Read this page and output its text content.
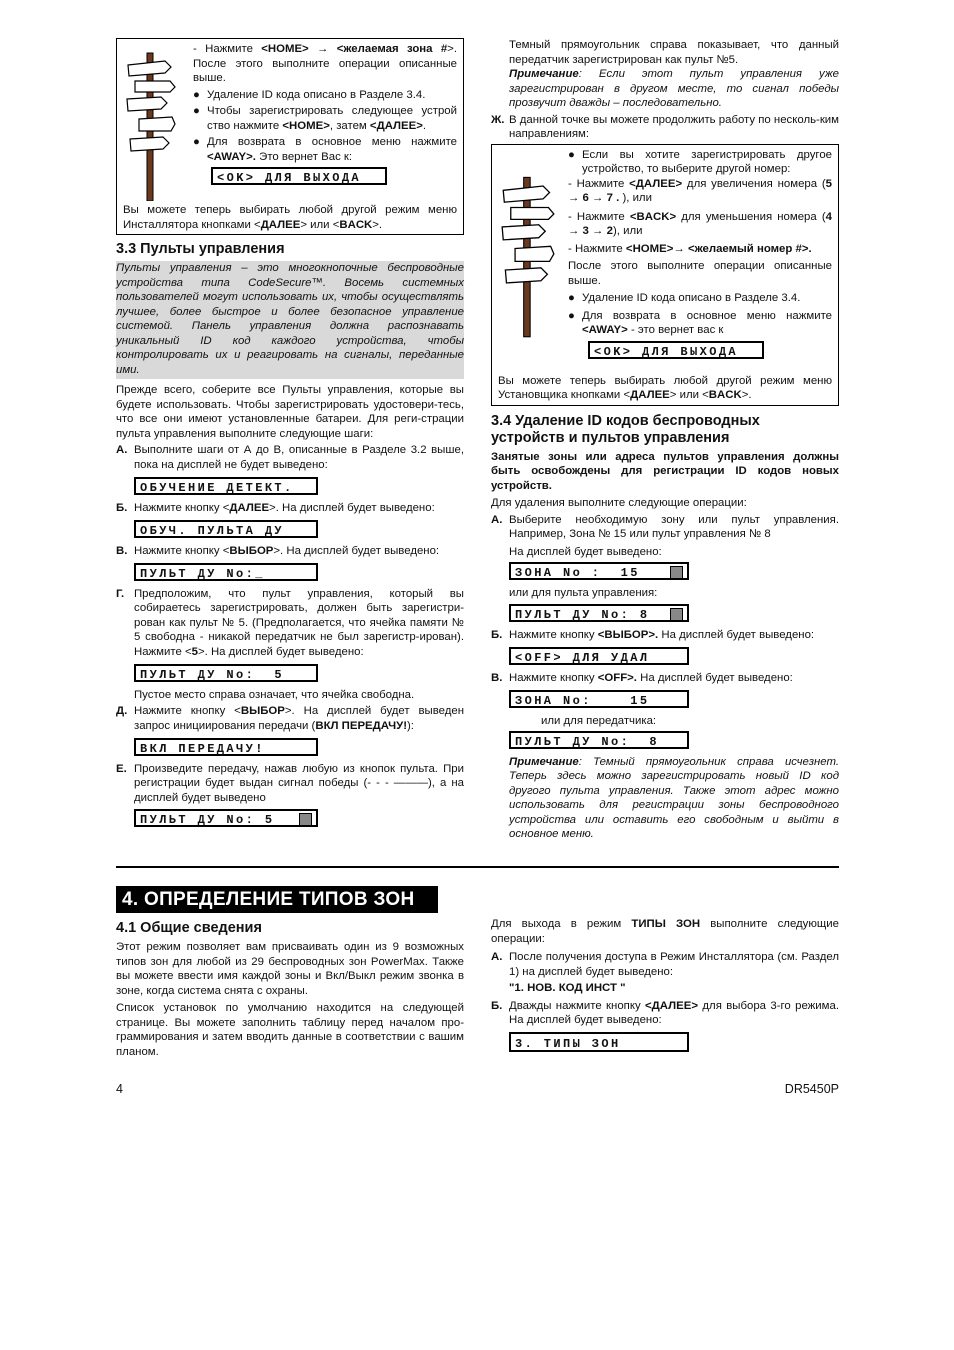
- Нажмите <HOME> → <желаемая зона #>. После этого выполните операции описанные выше.

● Удаление ID кода описано в Разделе 3.4.
● Чтобы зарегистрировать следующее устрой ство нажмите <HOME>, затем <ДАЛЕЕ>.
● Для возврата в основное меню нажмите <AWAY>. Это вернет Вас к:
<OK> ДЛЯ ВЫХОДА

Вы можете теперь выбирать любой другой режим меню Инсталлятора кнопками <ДАЛЕЕ> или <BACK>.

3.3 Пульты управления

Пульты управления – это многокнопочные беспроводные устройства типа CodeSecure™. Восемь системных пользователей могут использовать их, чтобы осуществлять лучшее, более быстрое и более безопасное управление системой. Панель управления должна распознавать уникальный ID код каждого устройства, чтобы контролировать их и реагировать на сигналы, переданные ими.

Прежде всего, соберите все Пульты управления, которые вы будете использовать. Чтобы зарегистрировать удостовери-тесь, что все они имеют установленные батареи. Для реги-страции пульта управления выполните следующие шаги:

А. Выполните шаги от А до В, описанные в Разделе 3.2 выше, пока на дисплей не будет выведено:
ОБУЧЕНИЕ ДЕТЕКТ.
Б. Нажмите кнопку <ДАЛЕЕ>. На дисплей будет выведено:
ОБУЧ. ПУЛЬТА ДУ
В. Нажмите кнопку <ВЫБОР>. На дисплей будет выведено:
ПУЛЬТ ДУ No:_
Г. Предположим, что пульт управления, который вы собираетесь зарегистрировать, должен быть зарегистри-рован как пульт № 5. (Предполагается, что ячейка памяти № 5 свободна - никакой передатчик не был зарегистр-ирован). Нажмите <5>. На дисплей будет выведено:
ПУЛЬТ ДУ No:  5

Пустое место справа означает, что ячейка свободна.

Д. Нажмите кнопку <ВЫБОР>. На дисплей будет выведен запрос инициирования передачи (ВКЛ ПЕРЕДАЧУ!):
ВКЛ ПЕРЕДАЧУ!
Е. Произведите передачу, нажав любую из кнопок пульта. При регистрации будет выдан сигнал победы (- - - ———), а на дисплей будет выведено
ПУЛЬТ ДУ No: 5

Темный прямоугольник справа показывает, что данный передатчик зарегистрирован как пульт №5.

Примечание: Если этот пульт управления уже зарегистрирован в другом месте, то сигнал победы прозвучит дважды – последовательно.

Ж. В данной точке вы можете продолжить работу по несколь-ким направлениям:
● Если вы хотите зарегистрировать другое устройство, то выберите другой номер:

- Нажмите <ДАЛЕЕ> для увеличения номера (5 → 6 → 7 . ), или

- Нажмите <BACK> для уменьшения номера (4 → 3 → 2), или

- Нажмите <HOME>→ <желаемый номер #>.

После этого выполните операции описанные выше.

● Удаление ID кода описано в Разделе 3.4.
● Для возврата в основное меню нажмите <AWAY> - это вернет вас к
<OK> ДЛЯ ВЫХОДА

Вы можете теперь выбирать любой другой режим меню Установщика кнопками <ДАЛЕЕ> или <BACK>.

3.4 Удаление ID кодов беспроводных
устройств и пультов управления

Занятые зоны или адреса пультов управления должны быть освобождены для регистрации ID кодов новых устройств.

Для удаления выполните следующие операции:

А. Выберите необходимую зону или пульт управления. Например, Зона № 15 или пульт управления № 8

На дисплей будет выведено:

ЗОНА No :  15

или для пульта управления:

ПУЛЬТ ДУ No: 8
Б. Нажмите кнопку <ВЫБОР>. На дисплей будет выведено:
<OFF> ДЛЯ УДАЛ
В. Нажмите кнопку <OFF>. На дисплей будет выведено:
ЗОНА No:    15

или для передатчика:

ПУЛЬТ ДУ No:  8

Примечание: Темный прямоугольник справа исчезнет. Теперь здесь можно зарегистрировать новый ID код другого пульта управления. Также этот адрес можно использовать для регистрации зоны беспроводного устройства или оставить его свободным и выйти в основное меню.

4. ОПРЕДЕЛЕНИЕ ТИПОВ ЗОН
4.1 Общие сведения

Этот режим позволяет вам присваивать один из 9 возможных типов зон для любой из 29 беспроводных зон PowerMax. Также вы можете ввести имя каждой зоны и Вкл/Выкл режим звонка в зоне, когда система снята с охраны.

Список установок по умолчанию находится на следующей странице. Вы можете заполнить таблицу перед началом про-граммирования и затем вводить данные в соответствии с вашим планом.

Для выхода в режим ТИПЫ ЗОН выполните следующие операции:

А. После получения доступа в Режим Инсталлятора (см. Раздел 1) на дисплей будет выведено:

"1. НОВ. КОД ИНСТ "

Б. Дважды нажмите кнопку <ДАЛЕЕ> для выбора 3-го режима. На дисплей будет выведено:
3. ТИПЫ ЗОН
4	DR5450P
